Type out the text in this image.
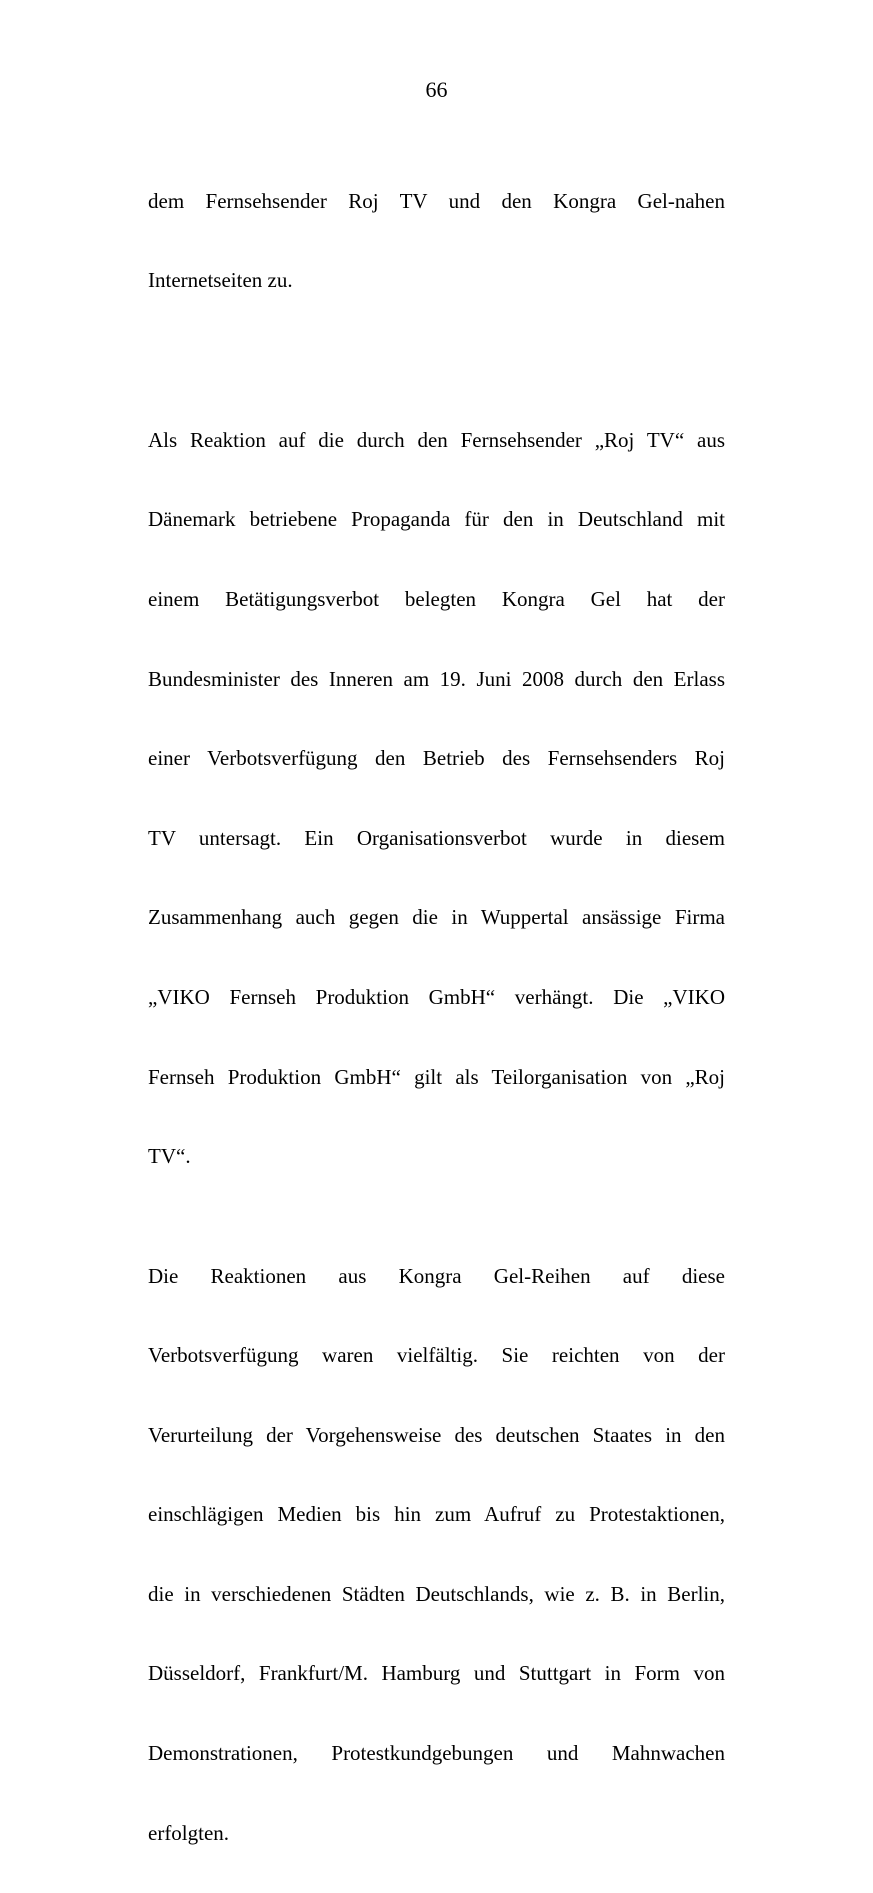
66

dem Fernsehsender Roj TV und den Kongra Gel-nahen

Internetseiten zu.

Als Reaktion auf die durch den Fernsehsender „Roj TV“ aus

Dänemark betriebene Propaganda für den in Deutschland mit

einem Betätigungsverbot belegten Kongra Gel hat der

Bundesminister des Inneren am 19. Juni 2008 durch den Erlass

einer Verbotsverfügung den Betrieb des Fernsehsenders Roj

TV untersagt. Ein Organisationsverbot wurde in diesem

Zusammenhang auch gegen die in Wuppertal ansässige Firma

„VIKO Fernseh Produktion GmbH“ verhängt. Die „VIKO

Fernseh Produktion GmbH“ gilt als Teilorganisation von „Roj

TV“.

Die Reaktionen aus Kongra Gel-Reihen auf diese

Verbotsverfügung waren vielfältig. Sie reichten von der

Verurteilung der Vorgehensweise des deutschen Staates in den

einschlägigen Medien bis hin zum Aufruf zu Protestaktionen,

die in verschiedenen Städten Deutschlands, wie z. B. in Berlin,

Düsseldorf, Frankfurt/M. Hamburg und Stuttgart in Form von

Demonstrationen, Protestkundgebungen und Mahnwachen

erfolgten.
